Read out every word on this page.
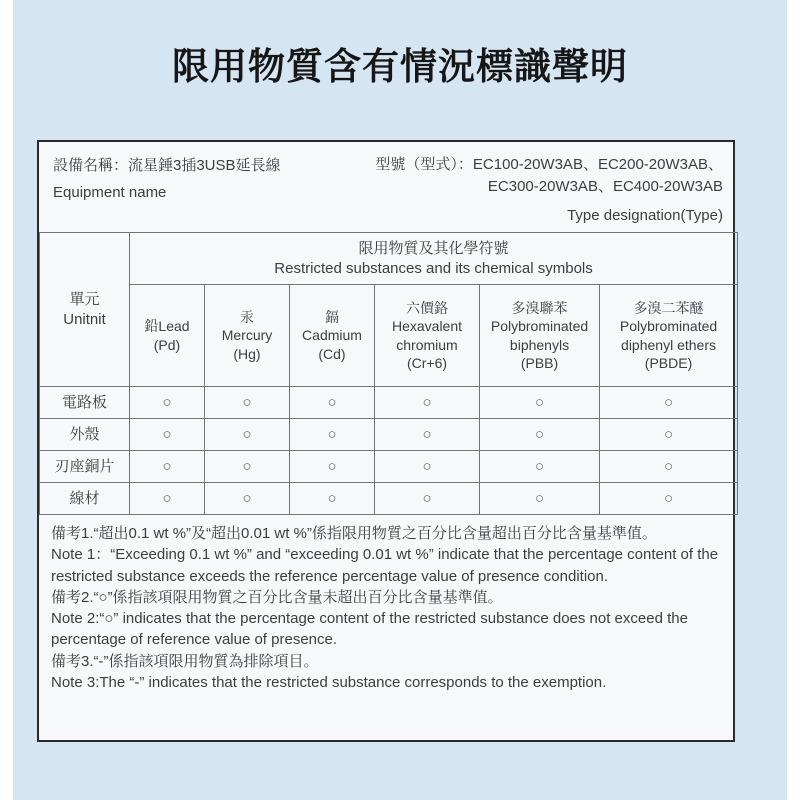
限用物質含有情況標識聲明
設備名稱：流星錘3插3USB延長線
Equipment name
型號（型式）：EC100-20W3AB、EC200-20W3AB、
EC300-20W3AB、EC400-20W3AB
Type designation(Type)
單元
Unitnit	限用物質及其化學符號
Restricted substances and its chemical symbols					
	鉛Lead
(Pd)	汞
Mercury
(Hg)	鎘
Cadmium
(Cd)	六價鉻
Hexavalent
chromium
(Cr+6)	多溴聯苯
Polybrominated
biphenyls
(PBB)	多溴二苯醚
Polybrominated
diphenyl ethers
(PBDE)
電路板	○	○	○	○	○	○
外殼	○	○	○	○	○	○
刃座銅片	○	○	○	○	○	○
線材	○	○	○	○	○	○

備考1.“超出0.1 wt %”及“超出0.01 wt %”係指限用物質之百分比含量超出百分比含量基準值。

Note 1：“Exceeding 0.1 wt %” and “exceeding 0.01 wt %” indicate that the percentage content of the restricted substance exceeds the reference percentage value of presence condition.

備考2.“○”係指該項限用物質之百分比含量未超出百分比含量基準值。

Note 2:“○” indicates that the percentage content of the restricted substance does not exceed the percentage of reference value of presence.

備考3.“-”係指該項限用物質為排除項目。

Note 3:The “-” indicates that the restricted substance corresponds to the exemption.
